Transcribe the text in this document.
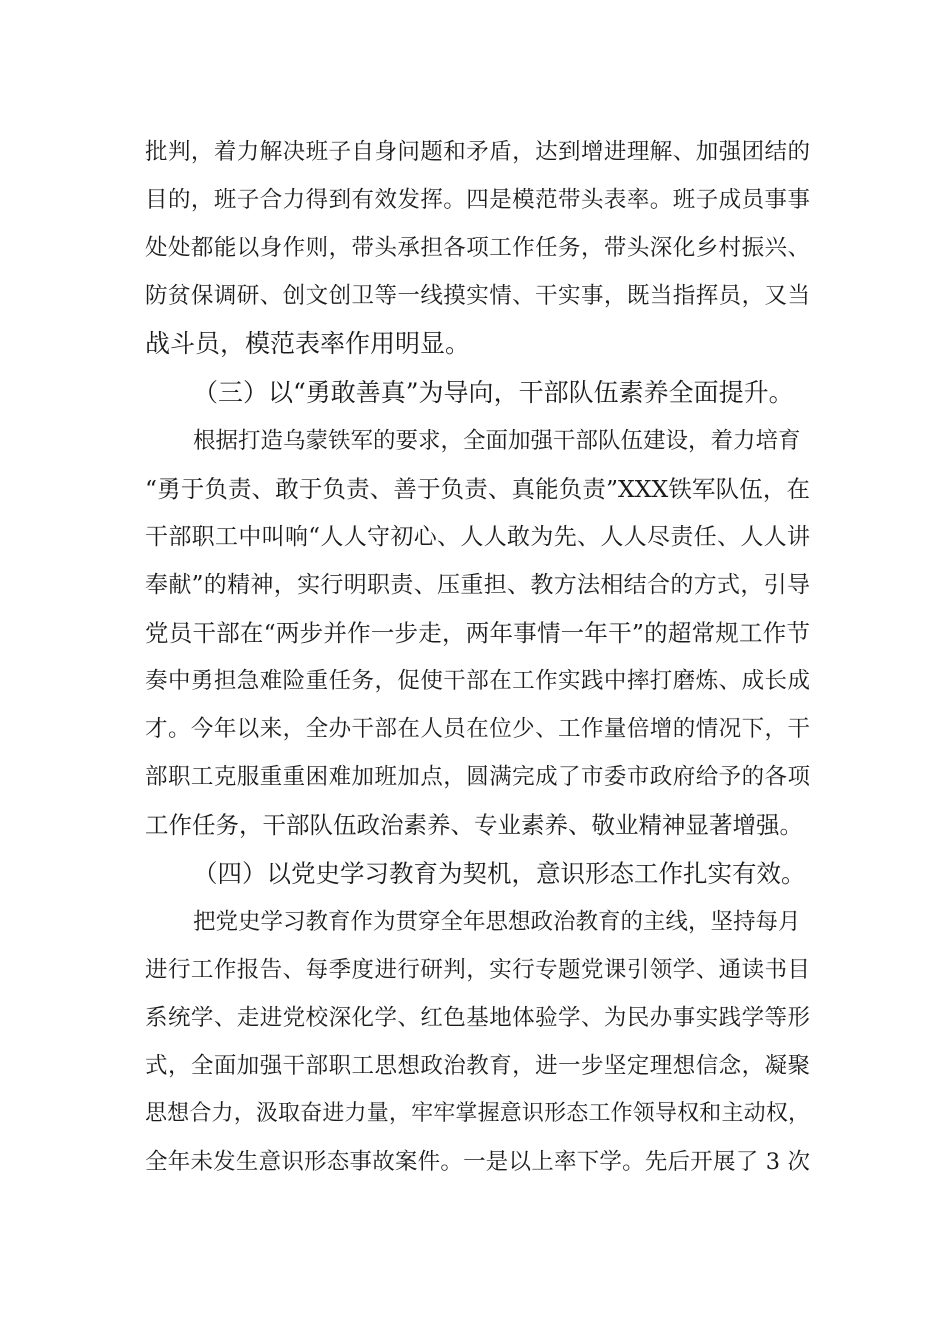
批判，着力解决班子自身问题和矛盾，达到增进理解、加强团结的
目的，班子合力得到有效发挥。四是模范带头表率。班子成员事事
处处都能以身作则，带头承担各项工作任务，带头深化乡村振兴、
防贫保调研、创文创卫等一线摸实情、干实事，既当指挥员，又当
战斗员，模范表率作用明显。
（三）以“勇敢善真”为导向，干部队伍素养全面提升。
根据打造乌蒙铁军的要求，全面加强干部队伍建设，着力培育
“勇于负责、敢于负责、善于负责、真能负责”XXX铁军队伍，在
干部职工中叫响“人人守初心、人人敢为先、人人尽责任、人人讲
奉献”的精神，实行明职责、压重担、教方法相结合的方式，引导
党员干部在“两步并作一步走，两年事情一年干”的超常规工作节
奏中勇担急难险重任务，促使干部在工作实践中摔打磨炼、成长成
才。今年以来，全办干部在人员在位少、工作量倍增的情况下，干
部职工克服重重困难加班加点，圆满完成了市委市政府给予的各项
工作任务，干部队伍政治素养、专业素养、敬业精神显著增强。
（四）以党史学习教育为契机，意识形态工作扎实有效。
把党史学习教育作为贯穿全年思想政治教育的主线，坚持每月
进行工作报告、每季度进行研判，实行专题党课引领学、通读书目
系统学、走进党校深化学、红色基地体验学、为民办事实践学等形
式，全面加强干部职工思想政治教育，进一步坚定理想信念，凝聚
思想合力，汲取奋进力量，牢牢掌握意识形态工作领导权和主动权，
全年未发生意识形态事故案件。一是以上率下学。先后开展了 3 次
